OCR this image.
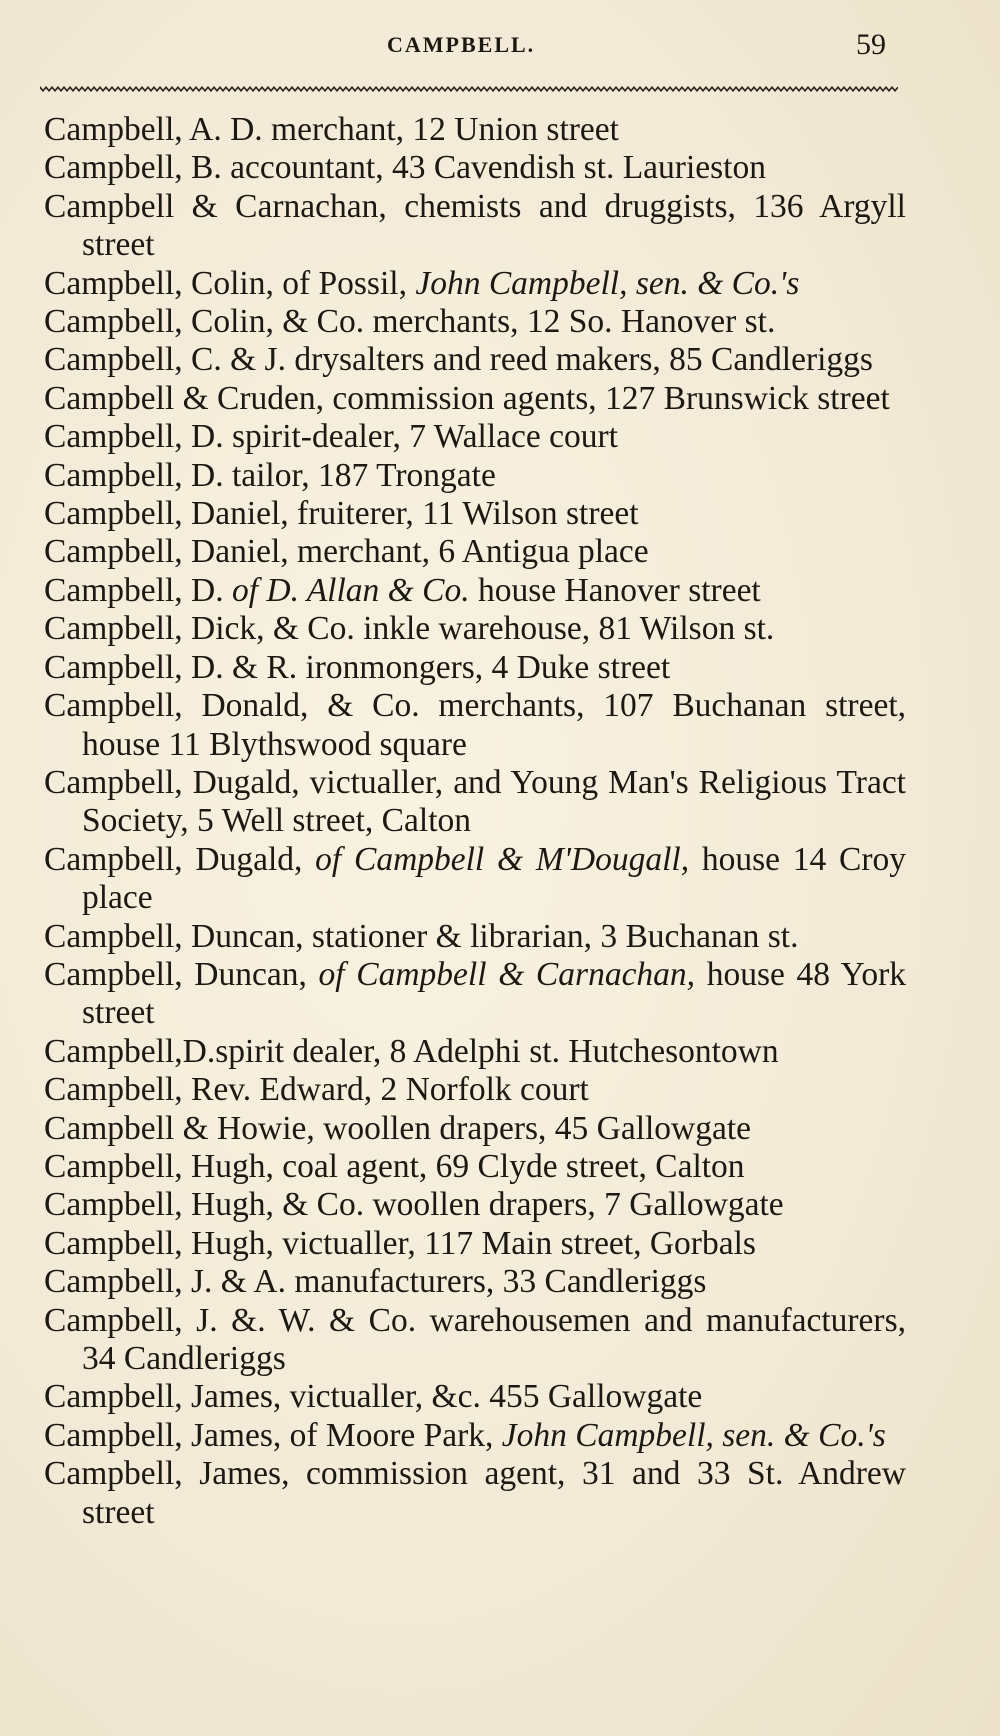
CAMPBELL.	59
Campbell, A. D. merchant, 12 Union street
Campbell, B. accountant, 43 Cavendish st. Laurieston
Campbell & Carnachan, chemists and druggists, 136 Argyll street
Campbell, Colin, of Possil, John Campbell, sen. & Co.'s
Campbell, Colin, & Co. merchants, 12 So. Hanover st.
Campbell, C. & J. drysalters and reed makers, 85 Candleriggs
Campbell & Cruden, commission agents, 127 Brunswick street
Campbell, D. spirit-dealer, 7 Wallace court
Campbell, D. tailor, 187 Trongate
Campbell, Daniel, fruiterer, 11 Wilson street
Campbell, Daniel, merchant, 6 Antigua place
Campbell, D. of D. Allan & Co. house Hanover street
Campbell, Dick, & Co. inkle warehouse, 81 Wilson st.
Campbell, D. & R. ironmongers, 4 Duke street
Campbell, Donald, & Co. merchants, 107 Buchanan street, house 11 Blythswood square
Campbell, Dugald, victualler, and Young Man's Religious Tract Society, 5 Well street, Calton
Campbell, Dugald, of Campbell & M'Dougall, house 14 Croy place
Campbell, Duncan, stationer & librarian, 3 Buchanan st.
Campbell, Duncan, of Campbell & Carnachan, house 48 York street
Campbell,D.spirit dealer, 8 Adelphi st. Hutchesontown
Campbell, Rev. Edward, 2 Norfolk court
Campbell & Howie, woollen drapers, 45 Gallowgate
Campbell, Hugh, coal agent, 69 Clyde street, Calton
Campbell, Hugh, & Co. woollen drapers, 7 Gallowgate
Campbell, Hugh, victualler, 117 Main street, Gorbals
Campbell, J. & A. manufacturers, 33 Candleriggs
Campbell, J. &. W. & Co. warehousemen and manufacturers, 34 Candleriggs
Campbell, James, victualler, &c. 455 Gallowgate
Campbell, James, of Moore Park, John Campbell, sen. & Co.'s
Campbell, James, commission agent, 31 and 33 St. Andrew street
